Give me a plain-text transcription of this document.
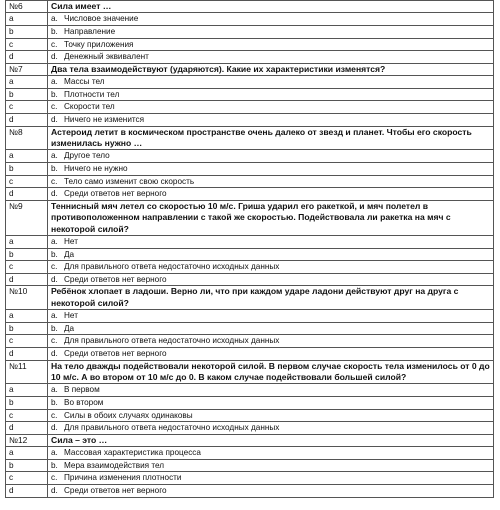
№6	Сила имеет …
a	a. Числовое значение
b	b. Направление
c	c. Точку приложения
d	d. Денежный эквивалент
№7	Два тела взаимодействуют (ударяются). Какие их характеристики изменятся?
a	a. Массы тел
b	b. Плотности тел
c	c. Скорости тел
d	d. Ничего не изменится
№8	Астероид летит в космическом пространстве очень далеко от звезд и планет. Чтобы его скорость изменилась нужно …
a	a. Другое тело
b	b. Ничего не нужно
c	c. Тело само изменит свою скорость
d	d. Среди ответов нет верного
№9	Теннисный мяч летел со скоростью 10 м/с. Гриша ударил его ракеткой, и мяч полетел в противоположенном направлении с такой же скоростью. Подействовала ли ракетка на мяч с некоторой силой?
a	a. Нет
b	b. Да
c	c. Для правильного ответа недостаточно исходных данных
d	d. Среди ответов нет верного
№10	Ребёнок хлопает в ладоши. Верно ли, что при каждом ударе ладони действуют друг на друга с некоторой силой?
a	a. Нет
b	b. Да
c	c. Для правильного ответа недостаточно исходных данных
d	d. Среди ответов нет верного
№11	На тело дважды подействовали некоторой силой. В первом случае скорость тела изменилось от 0 до 10 м/с. А во втором от 10 м/с до 0. В каком случае подействовали большей силой?
a	a. В первом
b	b. Во втором
c	c. Силы в обоих случаях одинаковы
d	d. Для правильного ответа недостаточно исходных данных
№12	Сила – это …
a	a. Массовая характеристика процесса
b	b. Мера взаимодействия тел
c	c. Причина изменения плотности
d	d. Среди ответов нет верного
